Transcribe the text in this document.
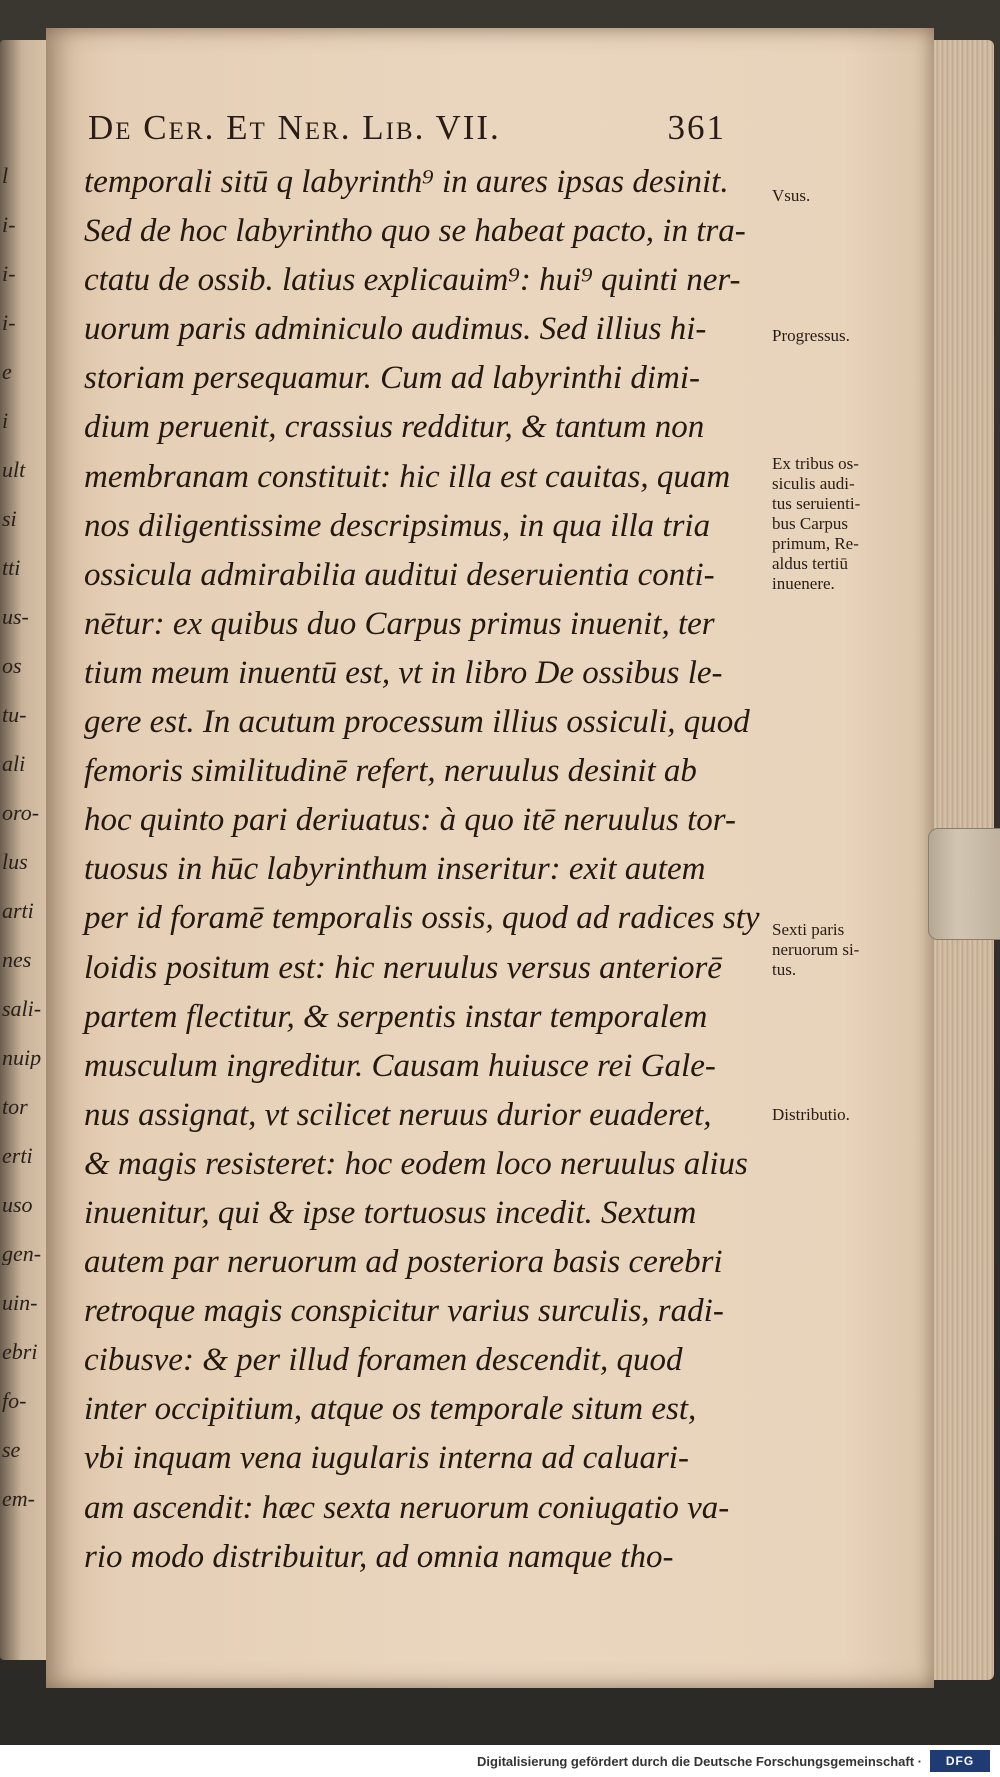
l
i-
i-
i-
e
i
ult
si
tti
us-
os
tu-
ali
oro-
lus
arti
nes
sali-
nuip
tor
erti
uso
gen-
uin-
ebri
fo-
se
em-
De Cer. Et Ner. Lib. VII.	361
temporali sitū q labyrinth⁹ in aures ipsas desinit.
Sed de hoc labyrintho quo se habeat pacto, in tra-
ctatu de ossib. latius explicauim⁹: hui⁹ quinti ner-
uorum paris adminiculo audimus. Sed illius hi-
storiam persequamur. Cum ad labyrinthi dimi-
dium peruenit, crassius redditur, & tantum non
membranam constituit: hic illa est cauitas, quam
nos diligentissime descripsimus, in qua illa tria
ossicula admirabilia auditui deseruientia conti-
nētur: ex quibus duo Carpus primus inuenit, ter
tium meum inuentū est, vt in libro De ossibus le-
gere est. In acutum processum illius ossiculi, quod
femoris similitudinē refert, neruulus desinit ab
hoc quinto pari deriuatus: à quo itē neruulus tor-
tuosus in hūc labyrinthum inseritur: exit autem
per id foramē temporalis ossis, quod ad radices sty
loidis positum est: hic neruulus versus anteriorē
partem flectitur, & serpentis instar temporalem
musculum ingreditur. Causam huiusce rei Gale-
nus assignat, vt scilicet neruus durior euaderet,
& magis resisteret: hoc eodem loco neruulus alius
inuenitur, qui & ipse tortuosus incedit. Sextum
autem par neruorum ad posteriora basis cerebri
retroque magis conspicitur varius surculis, radi-
cibusve: & per illud foramen descendit, quod
inter occipitium, atque os temporale situm est,
vbi inquam vena iugularis interna ad caluari-
am ascendit: hæc sexta neruorum coniugatio va-
rio modo distribuitur, ad omnia namque tho-
Vsus.
Progressus.
Ex tribus os-
siculis audi-
tus seruienti-
bus Carpus
primum, Re-
aldus tertiū
inuenere.
Sexti paris
neruorum si-
tus.
Distributio.
Digitalisierung gefördert durch die Deutsche Forschungsgemeinschaft ·	DFG
